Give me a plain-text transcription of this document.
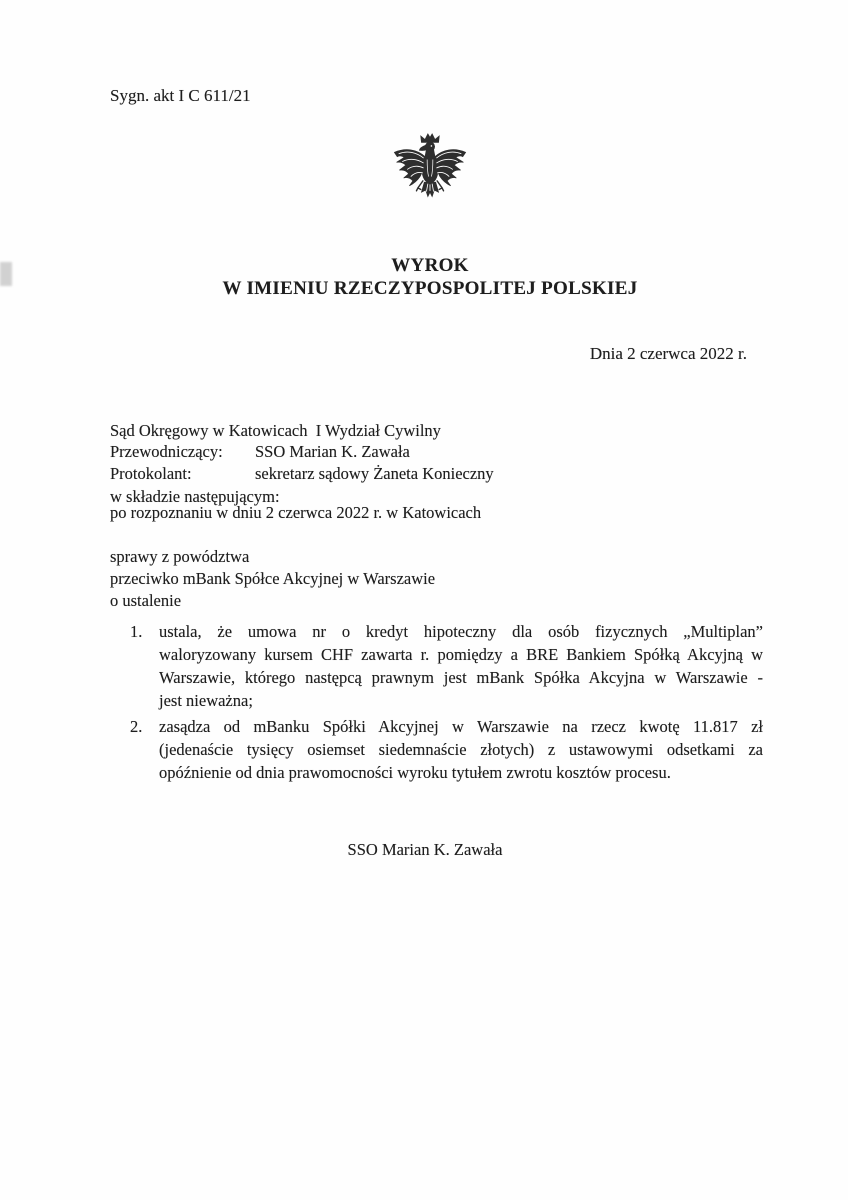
Sygn. akt I C 611/21
WYROK
W IMIENIU RZECZYPOSPOLITEJ POLSKIEJ
Dnia 2 czerwca 2022 r.

Sąd Okręgowy w Katowicach  I Wydział Cywilny

w składzie następującym:

Przewodniczący:	SSO Marian K. Zawała
Protokolant:	sekretarz sądowy Żaneta Konieczny
po rozpoznaniu w dniu 2 czerwca 2022 r. w Katowicach
sprawy z powództwa
przeciwko mBank Spółce Akcyjnej w Warszawie
o ustalenie
1.	ustala, że umowa nr o kredyt hipoteczny dla osób fizycznych „Multiplan”
waloryzowany kursem CHF zawarta r. pomiędzy a BRE Bankiem Spółką Akcyjną w
Warszawie, którego następcą prawnym jest mBank Spółka Akcyjna w Warszawie -
jest nieważna;
2.	zasądza od mBanku Spółki Akcyjnej w Warszawie na rzecz kwotę 11.817 zł
(jedenaście tysięcy osiemset siedemnaście złotych) z ustawowymi odsetkami za
opóźnienie od dnia prawomocności wyroku tytułem zwrotu kosztów procesu.
SSO Marian K. Zawała
